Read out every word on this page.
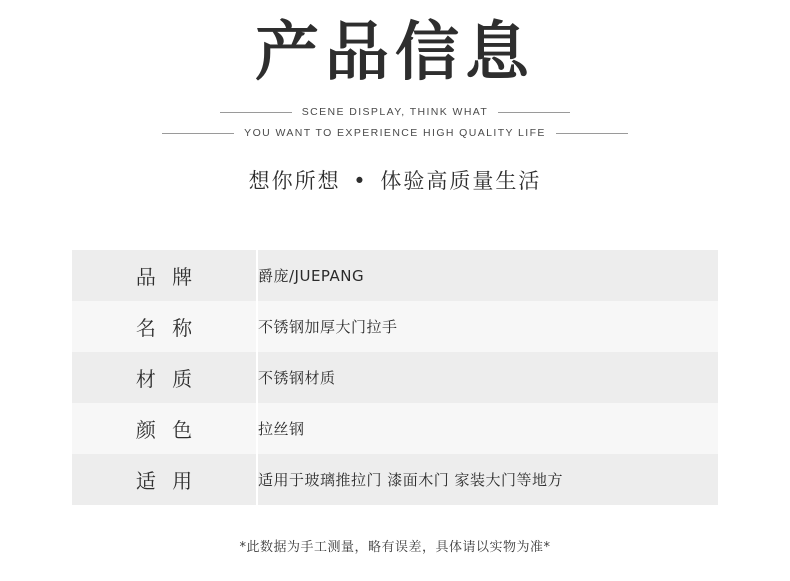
产品信息
SCENE DISPLAY, THINK WHAT
YOU WANT TO EXPERIENCE HIGH QUALITY LIFE
想你所想 • 体验高质量生活
品 牌	爵庞/JUEPANG
名 称	不锈钢加厚大门拉手
材 质	不锈钢材质
颜 色	拉丝钢
适 用	适用于玻璃推拉门 漆面木门 家装大门等地方
*此数据为手工测量，略有误差，具体请以实物为准*
